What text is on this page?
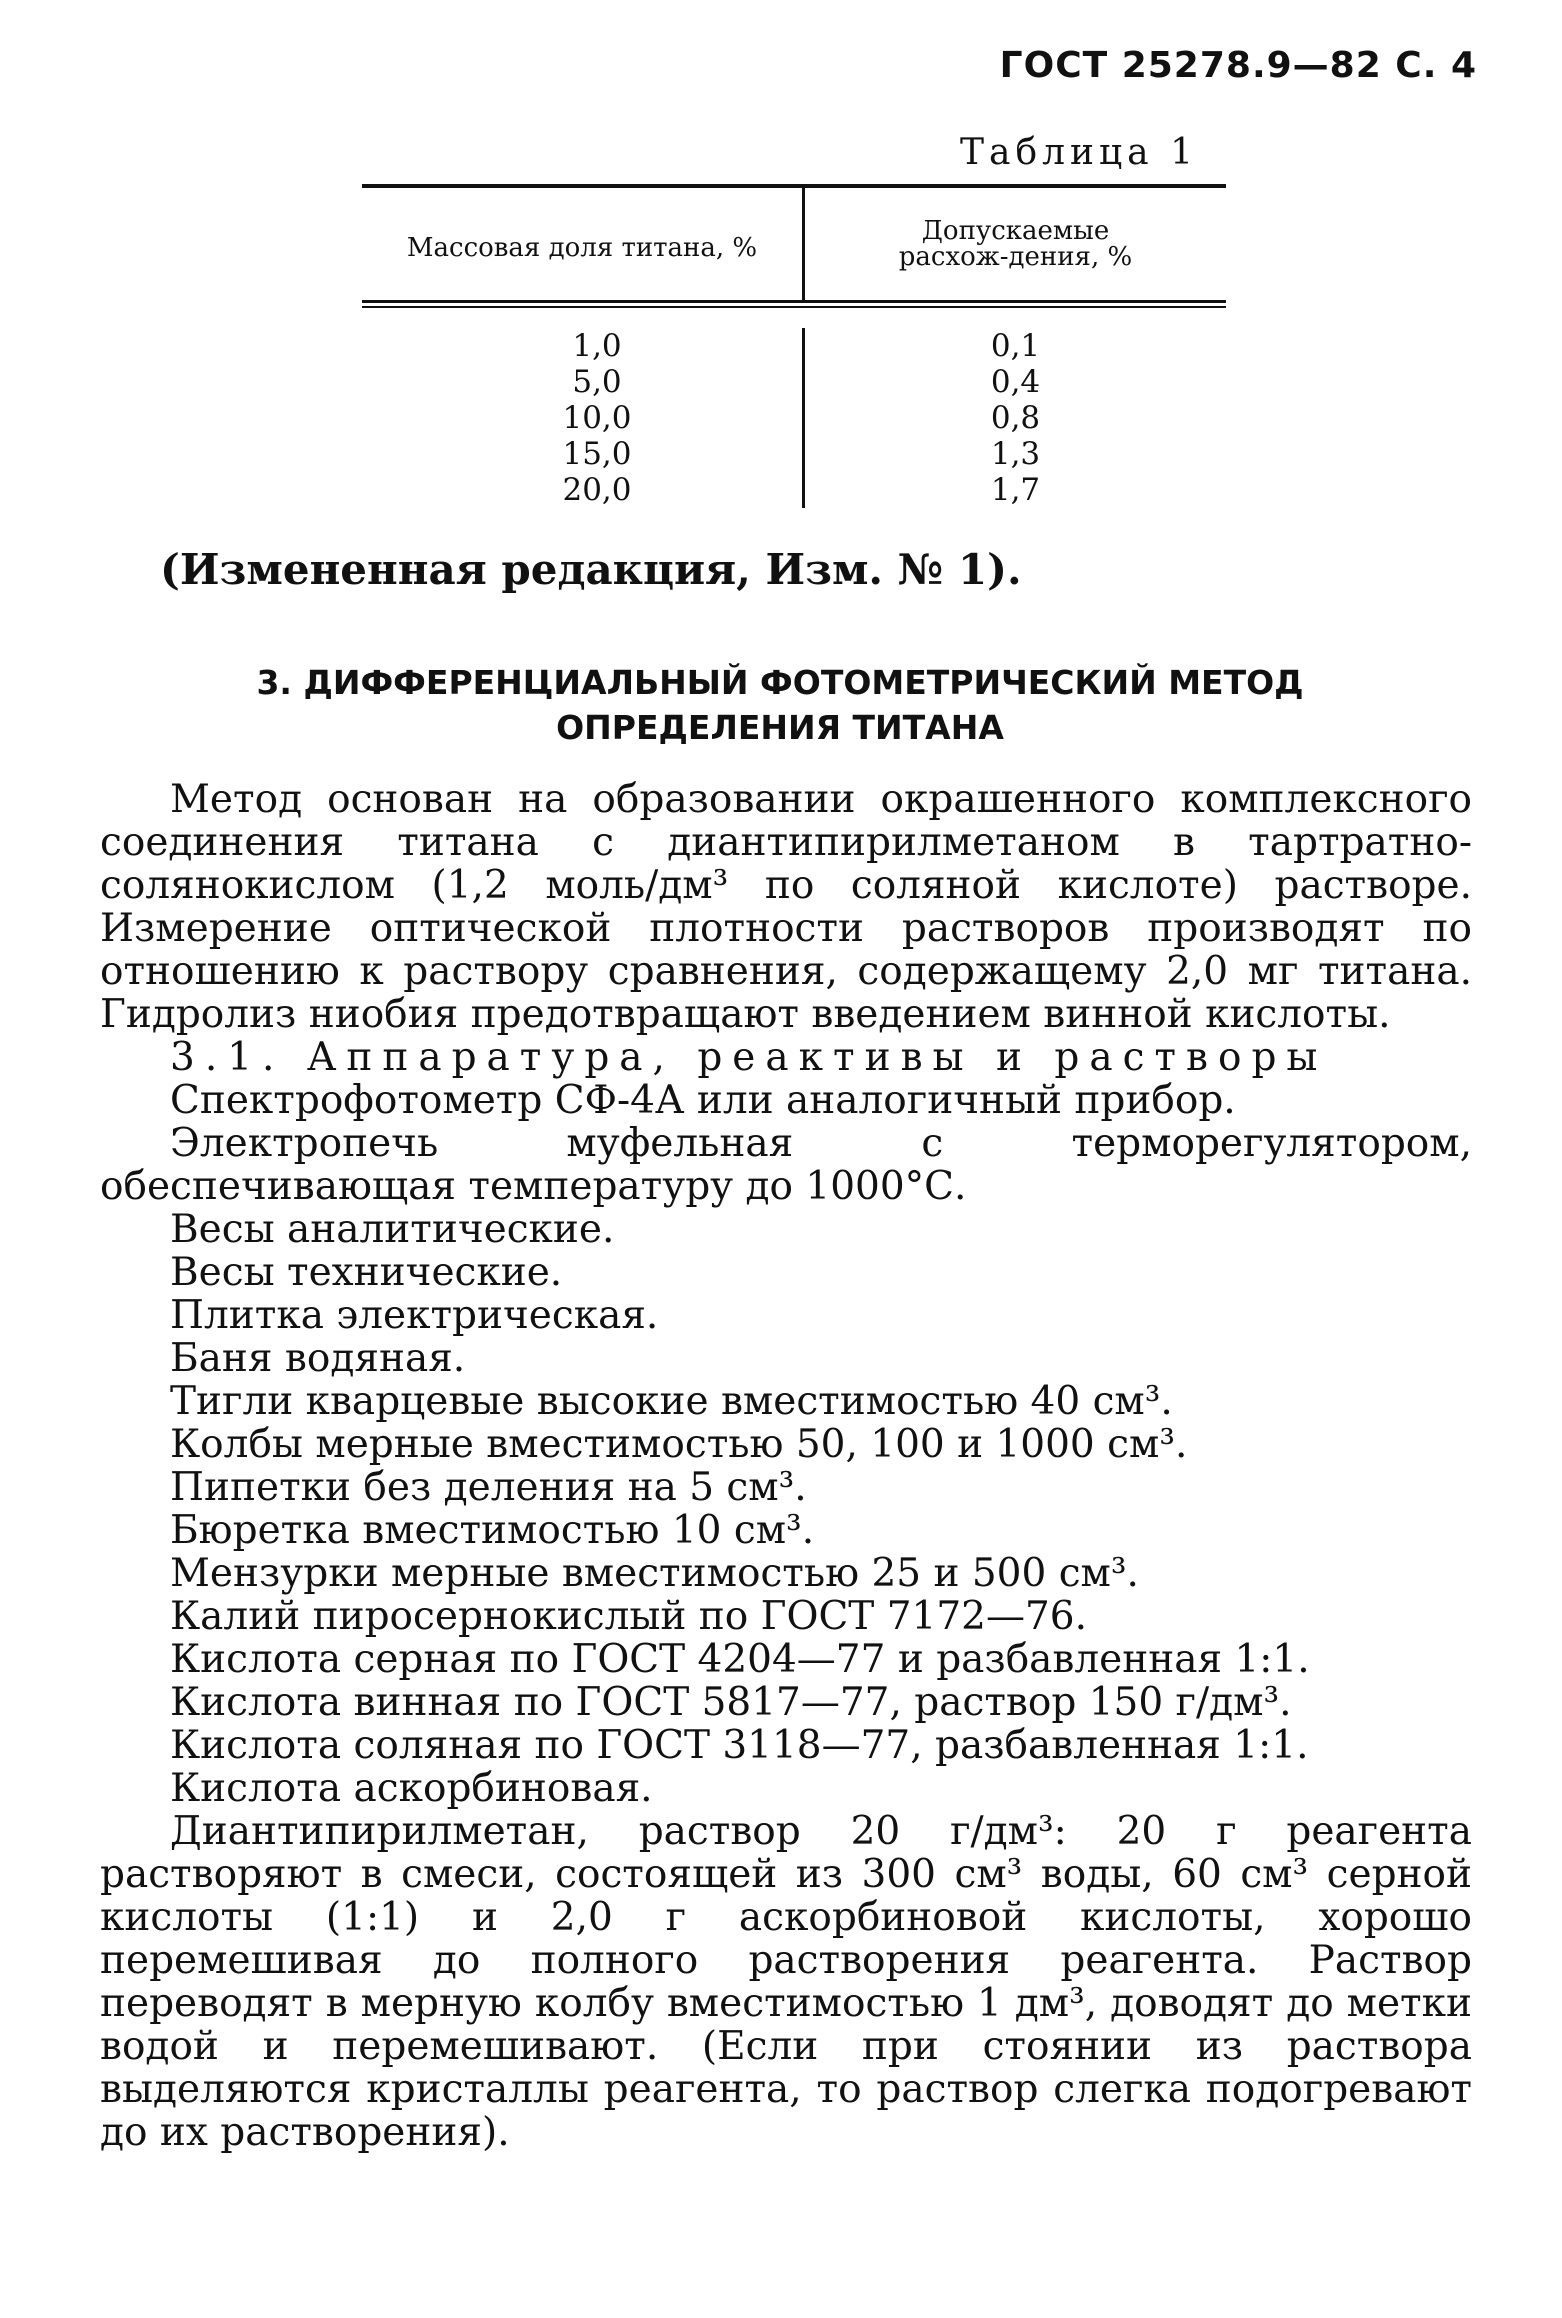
ГОСТ 25278.9—82 С. 4
Таблица 1
Массовая доля титана, %
Допускаемые расхож-дения, %
1,0
5,0
10,0
15,0
20,0
0,1
0,4
0,8
1,3
1,7
(Измененная редакция, Изм. № 1).
3. ДИФФЕРЕНЦИАЛЬНЫЙ ФОТОМЕТРИЧЕСКИЙ МЕТОД
ОПРЕДЕЛЕНИЯ ТИТАНА

Метод основан на образовании окрашенного комплексного соединения титана с диантипирилметаном в тартратно-солянокислом (1,2 моль/дм³ по соляной кислоте) растворе. Измерение оптической плотности растворов производят по отношению к раствору сравнения, содержащему 2,0 мг титана. Гидролиз ниобия предотвращают введением винной кислоты.

3.1. Аппаратура, реактивы и растворы
Спектрофотометр СФ-4А или аналогичный прибор.

Электропечь муфельная с терморегулятором, обеспечивающая температуру до 1000°С.

Весы аналитические.
Весы технические.
Плитка электрическая.
Баня водяная.
Тигли кварцевые высокие вместимостью 40 см³.
Колбы мерные вместимостью 50, 100 и 1000 см³.
Пипетки без деления на 5 см³.
Бюретка вместимостью 10 см³.
Мензурки мерные вместимостью 25 и 500 см³.
Калий пиросернокислый по ГОСТ 7172—76.
Кислота серная по ГОСТ 4204—77 и разбавленная 1:1.
Кислота винная по ГОСТ 5817—77, раствор 150 г/дм³.
Кислота соляная по ГОСТ 3118—77, разбавленная 1:1.
Кислота аскорбиновая.

Диантипирилметан, раствор 20 г/дм³: 20 г реагента растворяют в смеси, состоящей из 300 см³ воды, 60 см³ серной кислоты (1:1) и 2,0 г аскорбиновой кислоты, хорошо перемешивая до полного растворения реагента. Раствор переводят в мерную колбу вместимостью 1 дм³, доводят до метки водой и перемешивают. (Если при стоянии из раствора выделяются кристаллы реагента, то раствор слегка подогревают до их растворения).
